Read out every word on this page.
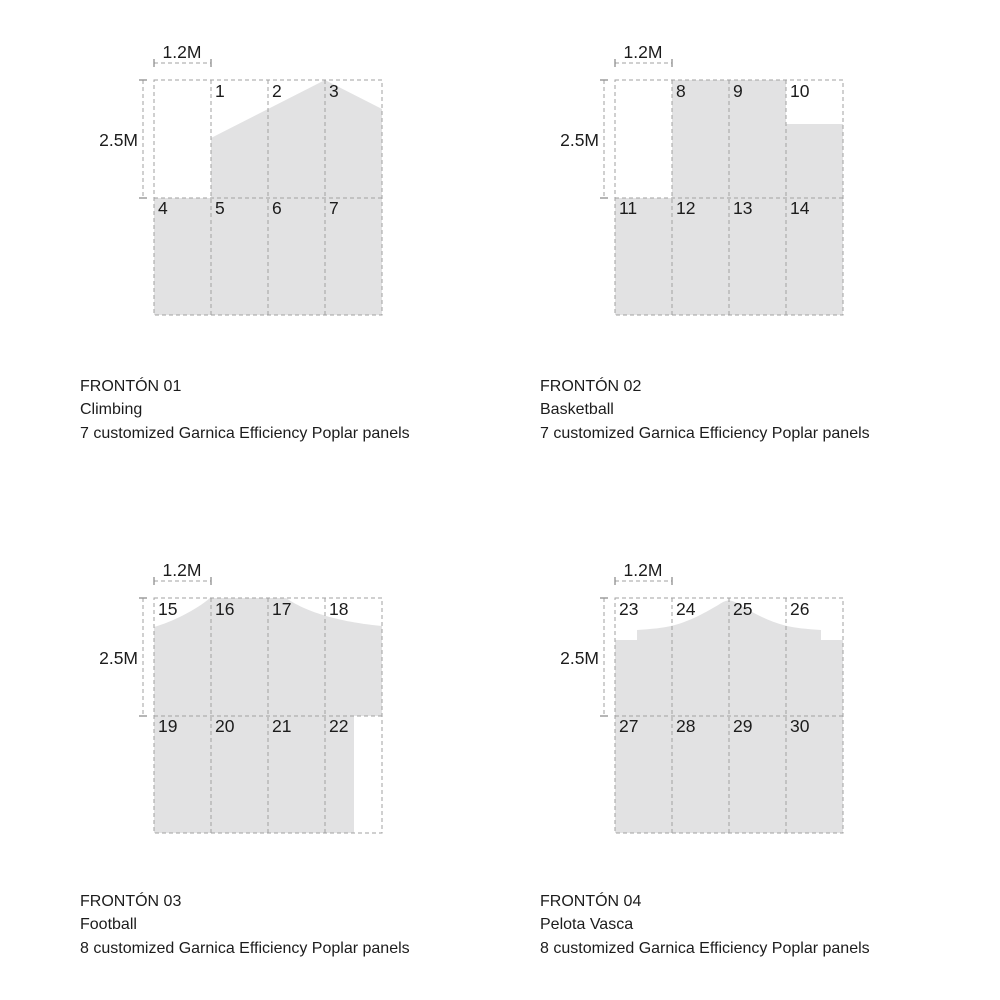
1.2M
2.5M
1	2	3
4	5	6	7
1.2M
2.5M
8	9	10
11 12 13 14
1.2M
2.5M
15 16 17 18
19 20 21 22
1.2M
2.5M
23 24 25 26
27 28 29 30
FRONTÓN 01
Climbing
7 customized Garnica Efficiency Poplar panels
FRONTÓN 02
Basketball
7 customized Garnica Efficiency Poplar panels
FRONTÓN 03
Football
8 customized Garnica Efficiency Poplar panels
FRONTÓN 04
Pelota Vasca
8 customized Garnica Efficiency Poplar panels
